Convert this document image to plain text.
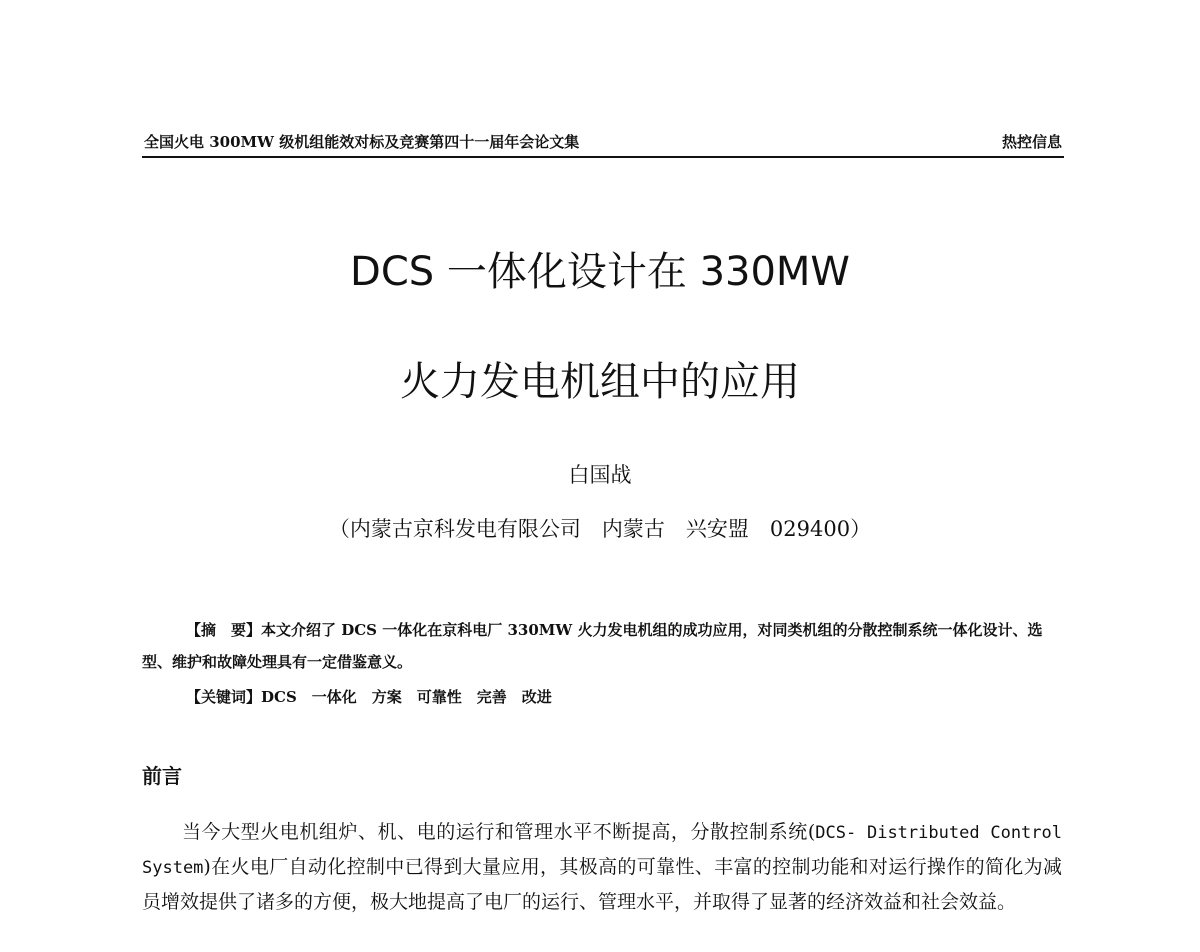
全国火电 300MW 级机组能效对标及竞赛第四十一届年会论文集	热控信息
DCS 一体化设计在 330MW
火力发电机组中的应用
白国战
（内蒙古京科发电有限公司　内蒙古　兴安盟　029400）

【摘　要】本文介绍了 DCS 一体化在京科电厂 330MW 火力发电机组的成功应用，对同类机组的分散控制系统一体化设计、选型、维护和故障处理具有一定借鉴意义。

【关键词】DCS　一体化　方案　可靠性　完善　改进
前言

当今大型火电机组炉、机、电的运行和管理水平不断提高，分散控制系统(DCS- Distributed Control System)在火电厂自动化控制中已得到大量应用，其极高的可靠性、丰富的控制功能和对运行操作的简化为减员增效提供了诸多的方便，极大地提高了电厂的运行、管理水平，并取得了显著的经济效益和社会效益。
